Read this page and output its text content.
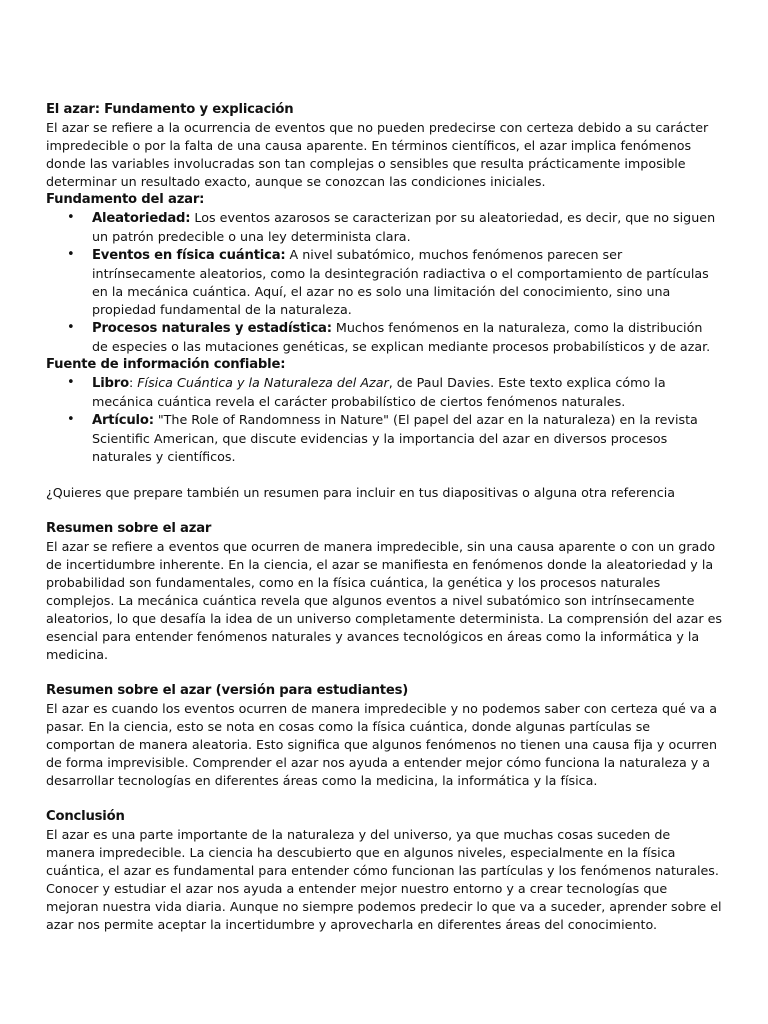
El azar: Fundamento y explicación

El azar se refiere a la ocurrencia de eventos que no pueden predecirse con certeza debido a su carácter impredecible o por la falta de una causa aparente. En términos científicos, el azar implica fenómenos donde las variables involucradas son tan complejas o sensibles que resulta prácticamente imposible determinar un resultado exacto, aunque se conozcan las condiciones iniciales.

Fundamento del azar:
• Aleatoriedad: Los eventos azarosos se caracterizan por su aleatoriedad, es decir, que no siguen un patrón predecible o una ley determinista clara.
• Eventos en física cuántica: A nivel subatómico, muchos fenómenos parecen ser intrínsecamente aleatorios, como la desintegración radiactiva o el comportamiento de partículas en la mecánica cuántica. Aquí, el azar no es solo una limitación del conocimiento, sino una propiedad fundamental de la naturaleza.
• Procesos naturales y estadística: Muchos fenómenos en la naturaleza, como la distribución de especies o las mutaciones genéticas, se explican mediante procesos probabilísticos y de azar.
Fuente de información confiable:
• Libro: Física Cuántica y la Naturaleza del Azar, de Paul Davies. Este texto explica cómo la mecánica cuántica revela el carácter probabilístico de ciertos fenómenos naturales.
• Artículo: "The Role of Randomness in Nature" (El papel del azar en la naturaleza) en la revista Scientific American, que discute evidencias y la importancia del azar en diversos procesos naturales y científicos.

¿Quieres que prepare también un resumen para incluir en tus diapositivas o alguna otra referencia

Resumen sobre el azar

El azar se refiere a eventos que ocurren de manera impredecible, sin una causa aparente o con un grado de incertidumbre inherente. En la ciencia, el azar se manifiesta en fenómenos donde la aleatoriedad y la probabilidad son fundamentales, como en la física cuántica, la genética y los procesos naturales complejos. La mecánica cuántica revela que algunos eventos a nivel subatómico son intrínsecamente aleatorios, lo que desafía la idea de un universo completamente determinista. La comprensión del azar es esencial para entender fenómenos naturales y avances tecnológicos en áreas como la informática y la medicina.

Resumen sobre el azar (versión para estudiantes)

El azar es cuando los eventos ocurren de manera impredecible y no podemos saber con certeza qué va a pasar. En la ciencia, esto se nota en cosas como la física cuántica, donde algunas partículas se comportan de manera aleatoria. Esto significa que algunos fenómenos no tienen una causa fija y ocurren de forma imprevisible. Comprender el azar nos ayuda a entender mejor cómo funciona la naturaleza y a desarrollar tecnologías en diferentes áreas como la medicina, la informática y la física.

Conclusión

El azar es una parte importante de la naturaleza y del universo, ya que muchas cosas suceden de manera impredecible. La ciencia ha descubierto que en algunos niveles, especialmente en la física cuántica, el azar es fundamental para entender cómo funcionan las partículas y los fenómenos naturales. Conocer y estudiar el azar nos ayuda a entender mejor nuestro entorno y a crear tecnologías que mejoran nuestra vida diaria. Aunque no siempre podemos predecir lo que va a suceder, aprender sobre el azar nos permite aceptar la incertidumbre y aprovecharla en diferentes áreas del conocimiento.
